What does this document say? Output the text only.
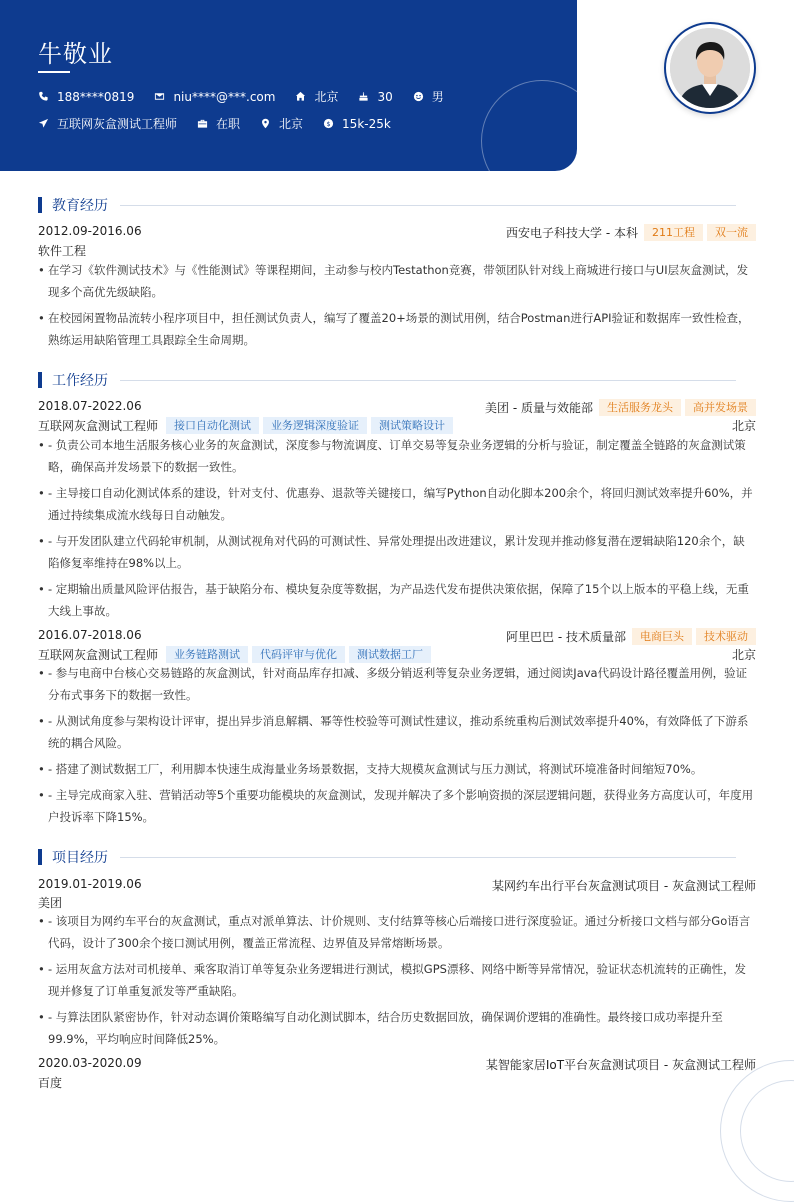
牛敬业
188****0819	niu****@***.com	北京	30	男
互联网灰盒测试工程师	在职	北京	$ 15k-25k
教育经历
2012.09-2016.06	西安电子科技大学 - 本科	211工程	双一流
软件工程
• 在学习《软件测试技术》与《性能测试》等课程期间，主动参与校内Testathon竞赛，带领团队针对线上商城进行接口与UI层灰盒测试，发现多个高优先级缺陷。
• 在校园闲置物品流转小程序项目中，担任测试负责人，编写了覆盖20+场景的测试用例，结合Postman进行API验证和数据库一致性检查，熟练运用缺陷管理工具跟踪全生命周期。
工作经历
2018.07-2022.06	美团 - 质量与效能部	生活服务龙头	高并发场景
互联网灰盒测试工程师	接口自动化测试	业务逻辑深度验证	测试策略设计	北京
• - 负责公司本地生活服务核心业务的灰盒测试，深度参与物流调度、订单交易等复杂业务逻辑的分析与验证，制定覆盖全链路的灰盒测试策略，确保高并发场景下的数据一致性。
• - 主导接口自动化测试体系的建设，针对支付、优惠券、退款等关键接口，编写Python自动化脚本200余个，将回归测试效率提升60%，并通过持续集成流水线每日自动触发。
• - 与开发团队建立代码轮审机制，从测试视角对代码的可测试性、异常处理提出改进建议，累计发现并推动修复潜在逻辑缺陷120余个，缺陷修复率维持在98%以上。
• - 定期输出质量风险评估报告，基于缺陷分布、模块复杂度等数据，为产品迭代发布提供决策依据，保障了15个以上版本的平稳上线，无重大线上事故。
2016.07-2018.06	阿里巴巴 - 技术质量部	电商巨头	技术驱动
互联网灰盒测试工程师	业务链路测试	代码评审与优化	测试数据工厂	北京
• - 参与电商中台核心交易链路的灰盒测试，针对商品库存扣减、多级分销返利等复杂业务逻辑，通过阅读Java代码设计路径覆盖用例，验证分布式事务下的数据一致性。
• - 从测试角度参与架构设计评审，提出异步消息解耦、幂等性校验等可测试性建议，推动系统重构后测试效率提升40%，有效降低了下游系统的耦合风险。
• - 搭建了测试数据工厂，利用脚本快速生成海量业务场景数据，支持大规模灰盒测试与压力测试，将测试环境准备时间缩短70%。
• - 主导完成商家入驻、营销活动等5个重要功能模块的灰盒测试，发现并解决了多个影响资损的深层逻辑问题，获得业务方高度认可，年度用户投诉率下降15%。
项目经历
2019.01-2019.06	某网约车出行平台灰盒测试项目 - 灰盒测试工程师
美团
• - 该项目为网约车平台的灰盒测试，重点对派单算法、计价规则、支付结算等核心后端接口进行深度验证。通过分析接口文档与部分Go语言代码，设计了300余个接口测试用例，覆盖正常流程、边界值及异常熔断场景。
• - 运用灰盒方法对司机接单、乘客取消订单等复杂业务逻辑进行测试，模拟GPS漂移、网络中断等异常情况，验证状态机流转的正确性，发现并修复了订单重复派发等严重缺陷。
• - 与算法团队紧密协作，针对动态调价策略编写自动化测试脚本，结合历史数据回放，确保调价逻辑的准确性。最终接口成功率提升至99.9%，平均响应时间降低25%。
2020.03-2020.09	某智能家居IoT平台灰盒测试项目 - 灰盒测试工程师
百度
